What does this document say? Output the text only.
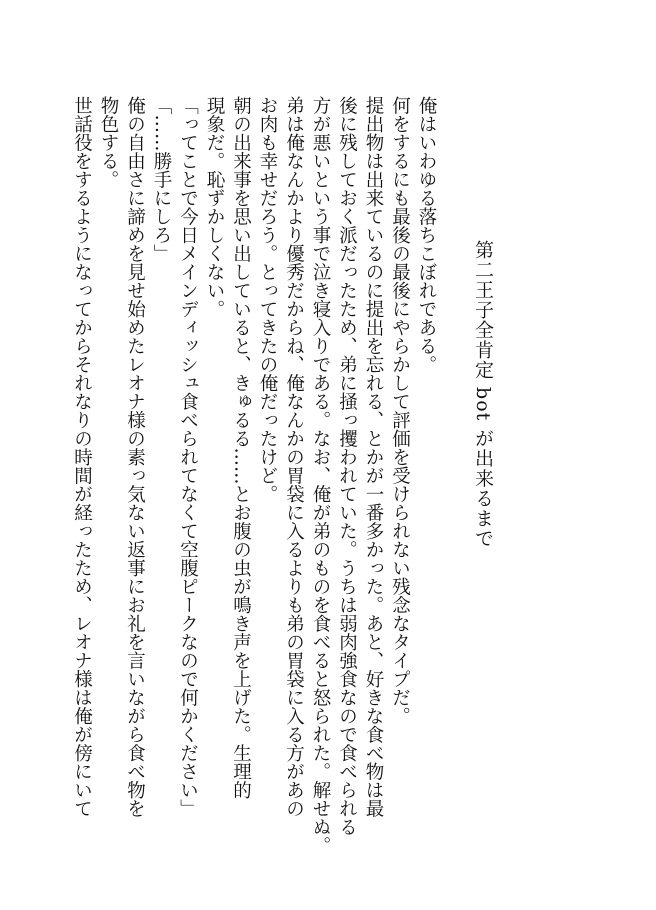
第二王子全肯定 bot が出来るまで
俺はいわゆる落ちこぼれである。
何をするにも最後の最後にやらかして評価を受けられない残念なタイプだ。
提出物は出来ているのに提出を忘れる、とかが一番多かった。あと、好きな食べ物は最
後に残しておく派だったため、弟に掻っ攫われていた。うちは弱肉強食なので食べられる
方が悪いという事で泣き寝入りである。なお、俺が弟のものを食べると怒られた。解せぬ。
弟は俺なんかより優秀だからね、俺なんかの胃袋に入るよりも弟の胃袋に入る方があの
お肉も幸せだろう。とってきたの俺だったけど。
朝の出来事を思い出していると、きゅるる……とお腹の虫が鳴き声を上げた。生理的
現象だ。恥ずかしくない。
「ってことで今日メインディッシュ食べられてなくて空腹ピークなので何かください」
「……勝手にしろ」
俺の自由さに諦めを見せ始めたレオナ様の素っ気ない返事にお礼を言いながら食べ物を
物色する。
世話役をするようになってからそれなりの時間が経ったため、レオナ様は俺が傍にいて
